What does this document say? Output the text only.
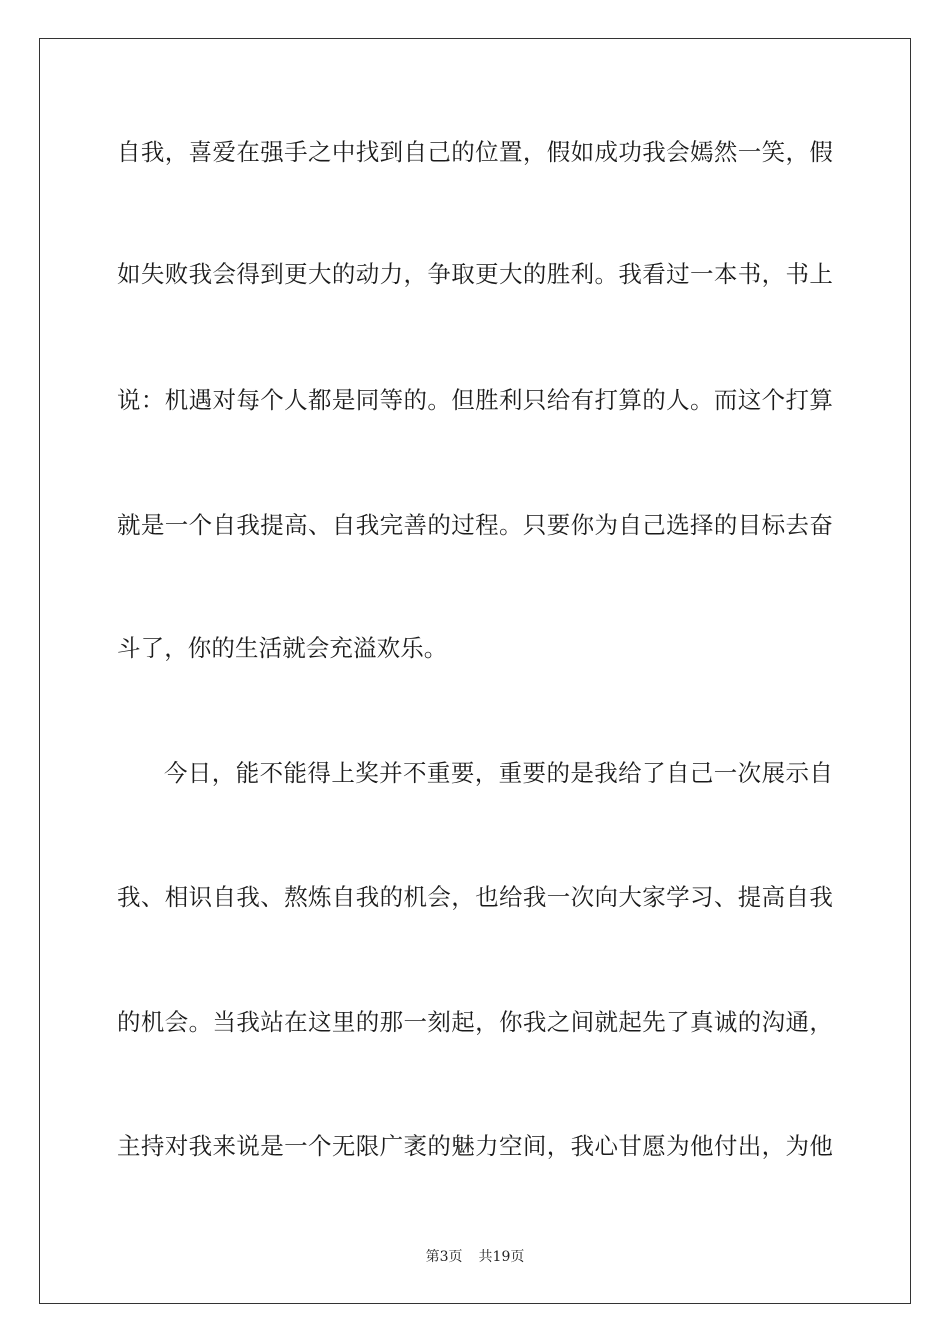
自我，喜爱在强手之中找到自己的位置，假如成功我会嫣然一笑，假
如失败我会得到更大的动力，争取更大的胜利。我看过一本书，书上
说：机遇对每个人都是同等的。但胜利只给有打算的人。而这个打算
就是一个自我提高、自我完善的过程。只要你为自己选择的目标去奋
斗了，你的生活就会充溢欢乐。
今日，能不能得上奖并不重要，重要的是我给了自己一次展示自
我、相识自我、熬炼自我的机会，也给我一次向大家学习、提高自我
的机会。当我站在这里的那一刻起，你我之间就起先了真诚的沟通，
主持对我来说是一个无限广袤的魅力空间，我心甘愿为他付出，为他
第3页 共19页
